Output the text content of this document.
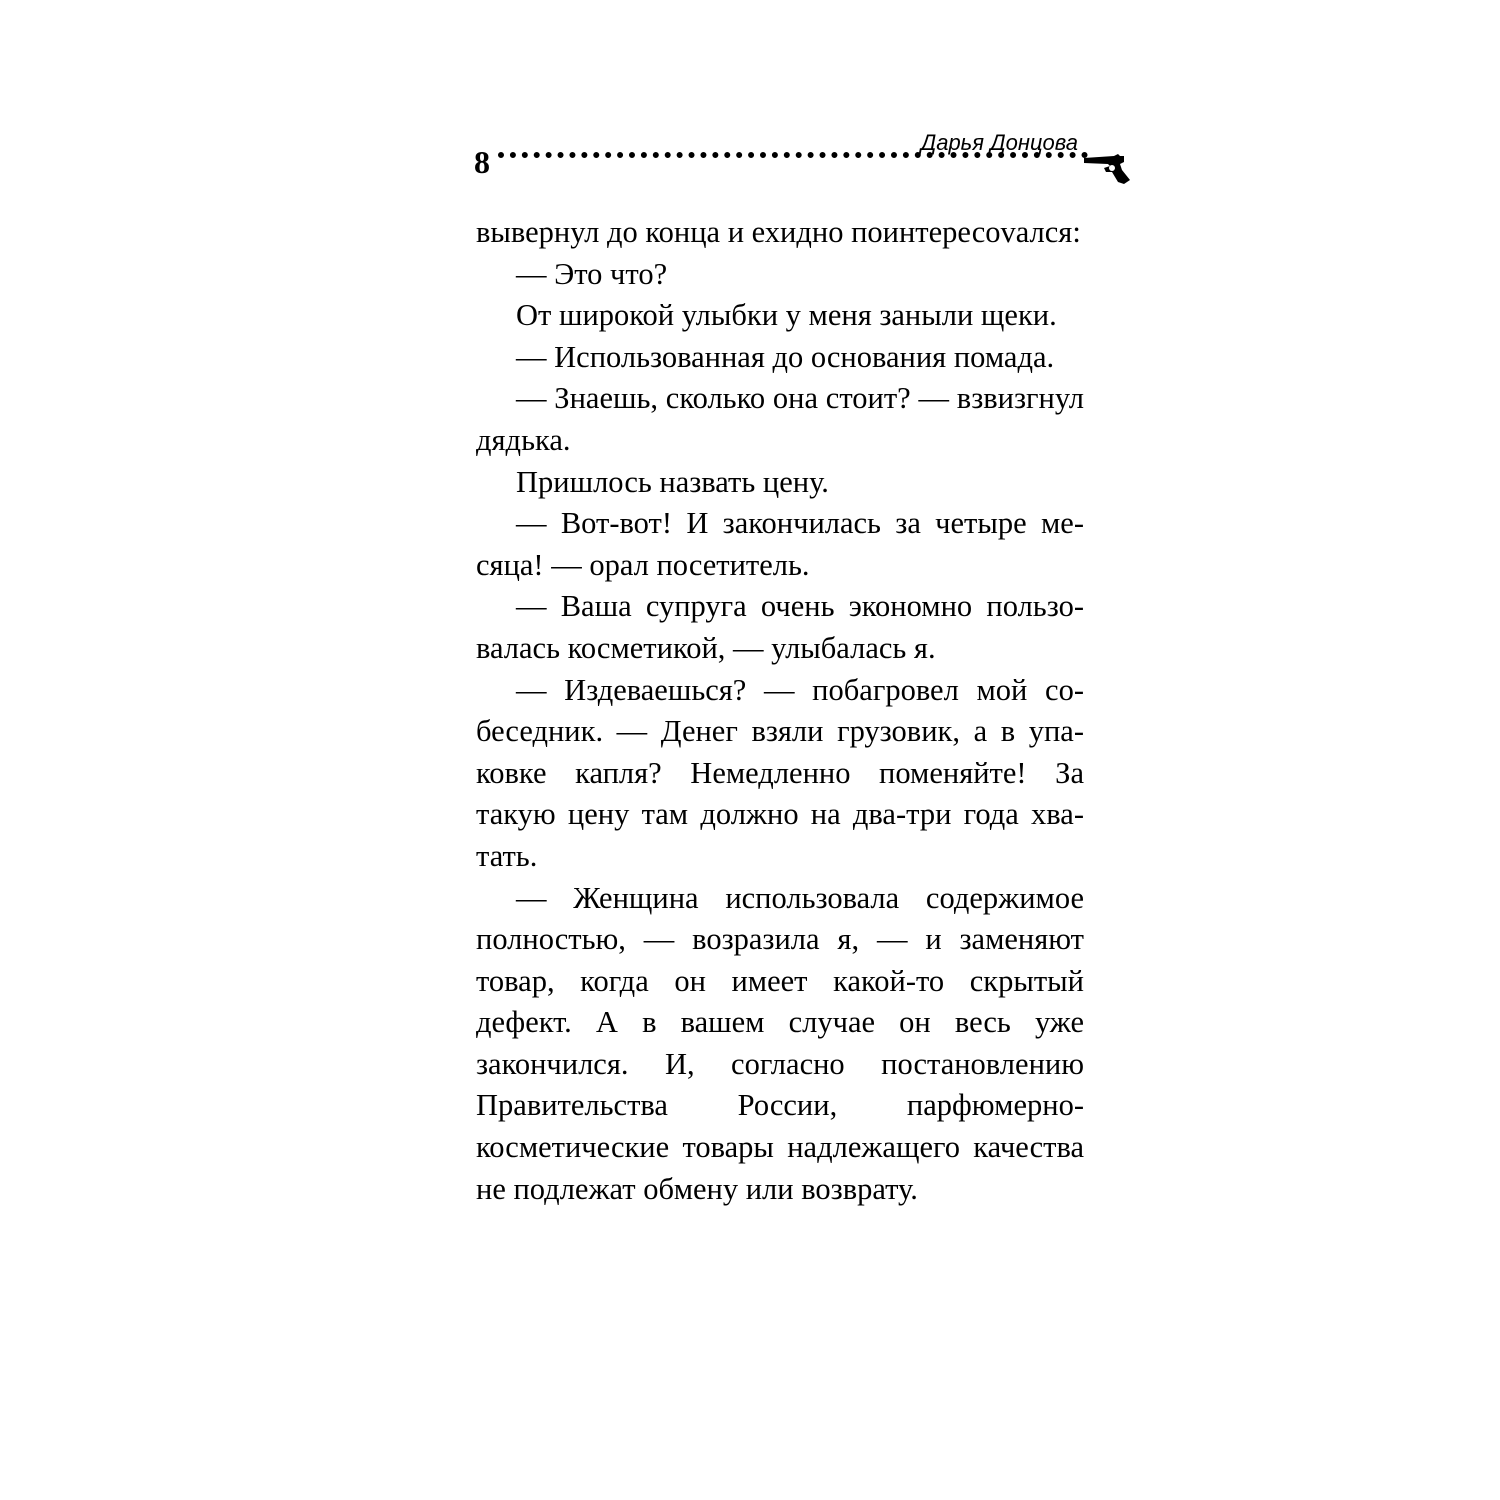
8
Дарья Донцова

вывернул до конца и ехидно поинтересоvался:

— Это что?

От широкой улыбки у меня заныли щеки.

— Использованная до основания помада.

— Знаешь, сколько она стоит? — взвизгнул дядька.

Пришлось назвать цену.

— Вот-вот! И закончилась за четыре месяца! — орал посетитель.

— Ваша супруга очень экономно пользовалась косметикой, — улыбалась я.

— Издеваешься? — побагровел мой собеседник. — Денег взяли грузовик, а в упаковке капля? Немедленно поменяйте! За такую цену там должно на два-три года хватать.

— Женщина использовала содержимое полностью, — возразила я, — и заменяют товар, когда он имеет какой-то скрытый дефект. А в вашем случае он весь уже закончился. И, согласно постановлению Правительства России, парфюмерно-косметические товары надлежащего качества не подлежат обмену или возврату.
